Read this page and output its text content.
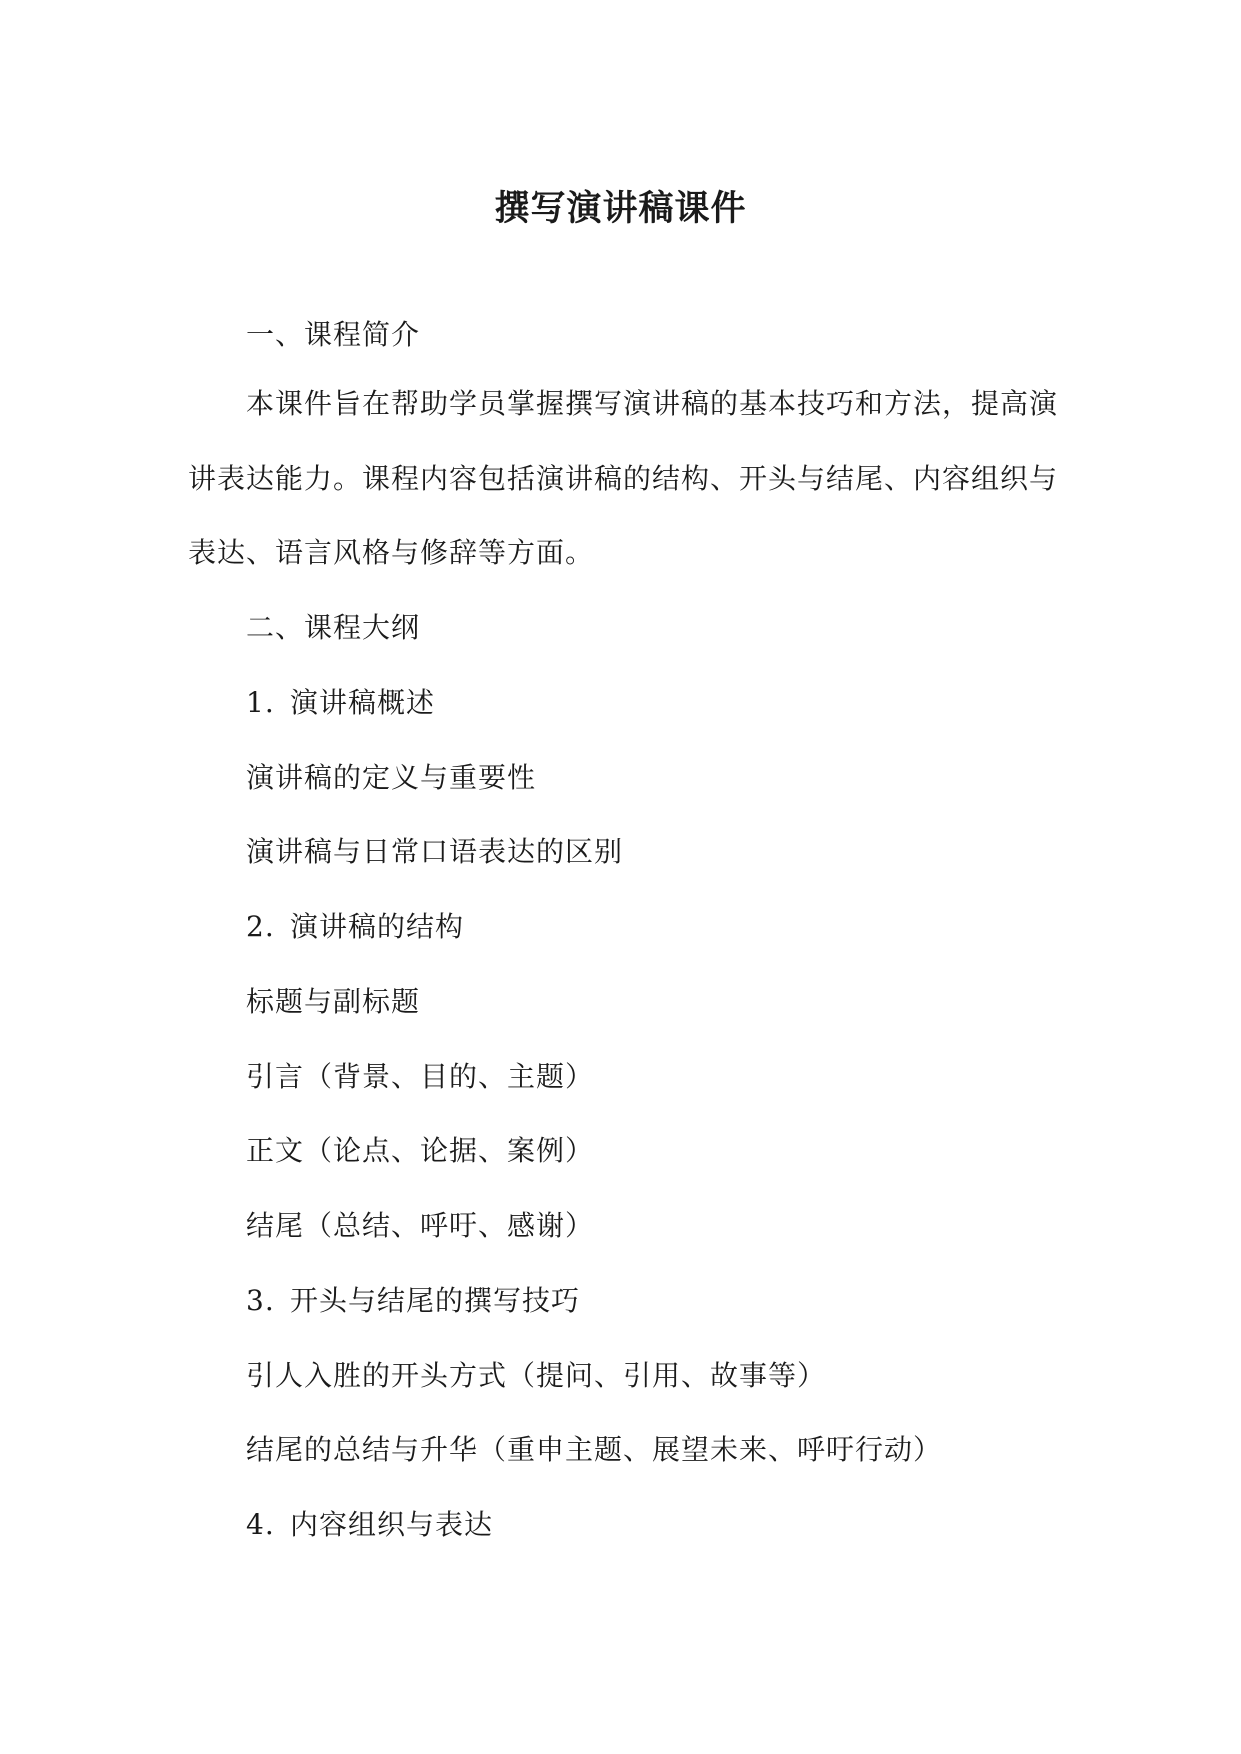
撰写演讲稿课件
一、课程简介
本课件旨在帮助学员掌握撰写演讲稿的基本技巧和方法，提高演
讲表达能力。课程内容包括演讲稿的结构、开头与结尾、内容组织与
表达、语言风格与修辞等方面。
二、课程大纲
1. 演讲稿概述
演讲稿的定义与重要性
演讲稿与日常口语表达的区别
2. 演讲稿的结构
标题与副标题
引言（背景、目的、主题）
正文（论点、论据、案例）
结尾（总结、呼吁、感谢）
3. 开头与结尾的撰写技巧
引人入胜的开头方式（提问、引用、故事等）
结尾的总结与升华（重申主题、展望未来、呼吁行动）
4. 内容组织与表达
